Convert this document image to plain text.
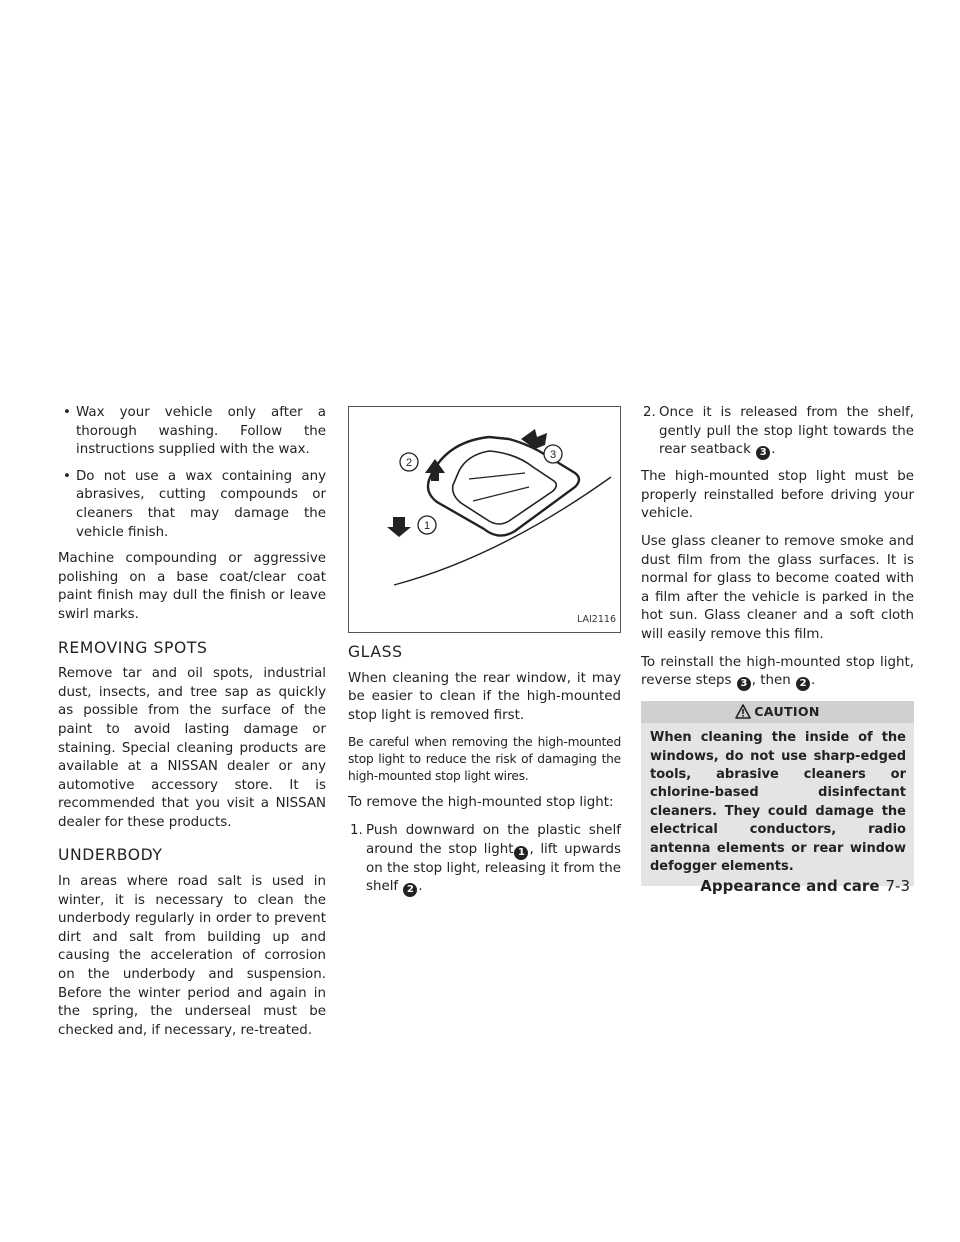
• Wax your vehicle only after a thorough washing. Follow the instructions supplied with the wax.
• Do not use a wax containing any abrasives, cutting compounds or cleaners that may damage the vehicle finish.

Machine compounding or aggressive polishing on a base coat/clear coat paint finish may dull the finish or leave swirl marks.

REMOVING SPOTS

Remove tar and oil spots, industrial dust, insects, and tree sap as quickly as possible from the surface of the paint to avoid lasting damage or staining. Special cleaning products are available at a NISSAN dealer or any automotive accessory store. It is recommended that you visit a NISSAN dealer for these products.

UNDERBODY

In areas where road salt is used in winter, it is necessary to clean the underbody regularly in order to prevent dirt and salt from building up and causing the acceleration of corrosion on the underbody and suspension. Before the winter period and again in the spring, the underseal must be checked and, if necessary, re-treated.

1
2
3
LAI2116
GLASS

When cleaning the rear window, it may be easier to clean if the high-mounted stop light is removed first.

Be careful when removing the high-mounted stop light to reduce the risk of damaging the high-mounted stop light wires.

To remove the high-mounted stop light:

1. Push downward on the plastic shelf around the stop light 1 , lift upwards on the stop light, releasing it from the shelf 2 .
2. Once it is released from the shelf, gently pull the stop light towards the rear seatback 3 .

The high-mounted stop light must be properly reinstalled before driving your vehicle.

Use glass cleaner to remove smoke and dust film from the glass surfaces. It is normal for glass to become coated with a film after the vehicle is parked in the hot sun. Glass cleaner and a soft cloth will easily remove this film.

To reinstall the high-mounted stop light, reverse steps 3 , then 2 .

CAUTION
When cleaning the inside of the windows, do not use sharp-edged tools, abrasive cleaners or chlorine-based disinfectant cleaners. They could damage the electrical conductors, radio antenna elements or rear window defogger elements.
Appearance and care 7-3
